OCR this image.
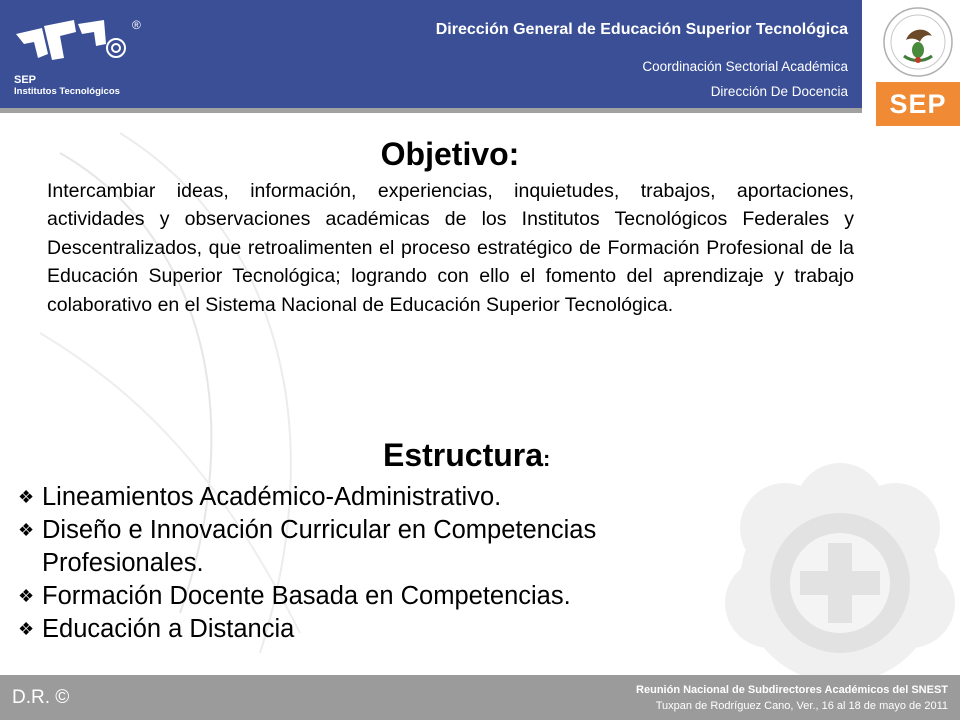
SEP
Institutos Tecnológicos
®	Dirección General de Educación Superior Tecnológica
Coordinación Sectorial Académica
Dirección De Docencia	SEP
Objetivo:

Intercambiar ideas, información, experiencias, inquietudes, trabajos, aportaciones, actividades y observaciones académicas de los Institutos Tecnológicos Federales y Descentralizados, que retroalimenten el proceso estratégico de Formación Profesional de la Educación Superior Tecnológica; logrando con ello el fomento del aprendizaje y trabajo colaborativo en el Sistema Nacional de Educación Superior Tecnológica.

Estructura:
❖ Lineamientos Académico-Administrativo.
❖ Diseño e Innovación Curricular en Competencias
Profesionales.
❖ Formación Docente Basada en Competencias.
❖ Educación a Distancia
D.R. ©	Reunión Nacional de Subdirectores Académicos del SNEST
Tuxpan de Rodríguez Cano, Ver., 16 al 18 de mayo de 2011
